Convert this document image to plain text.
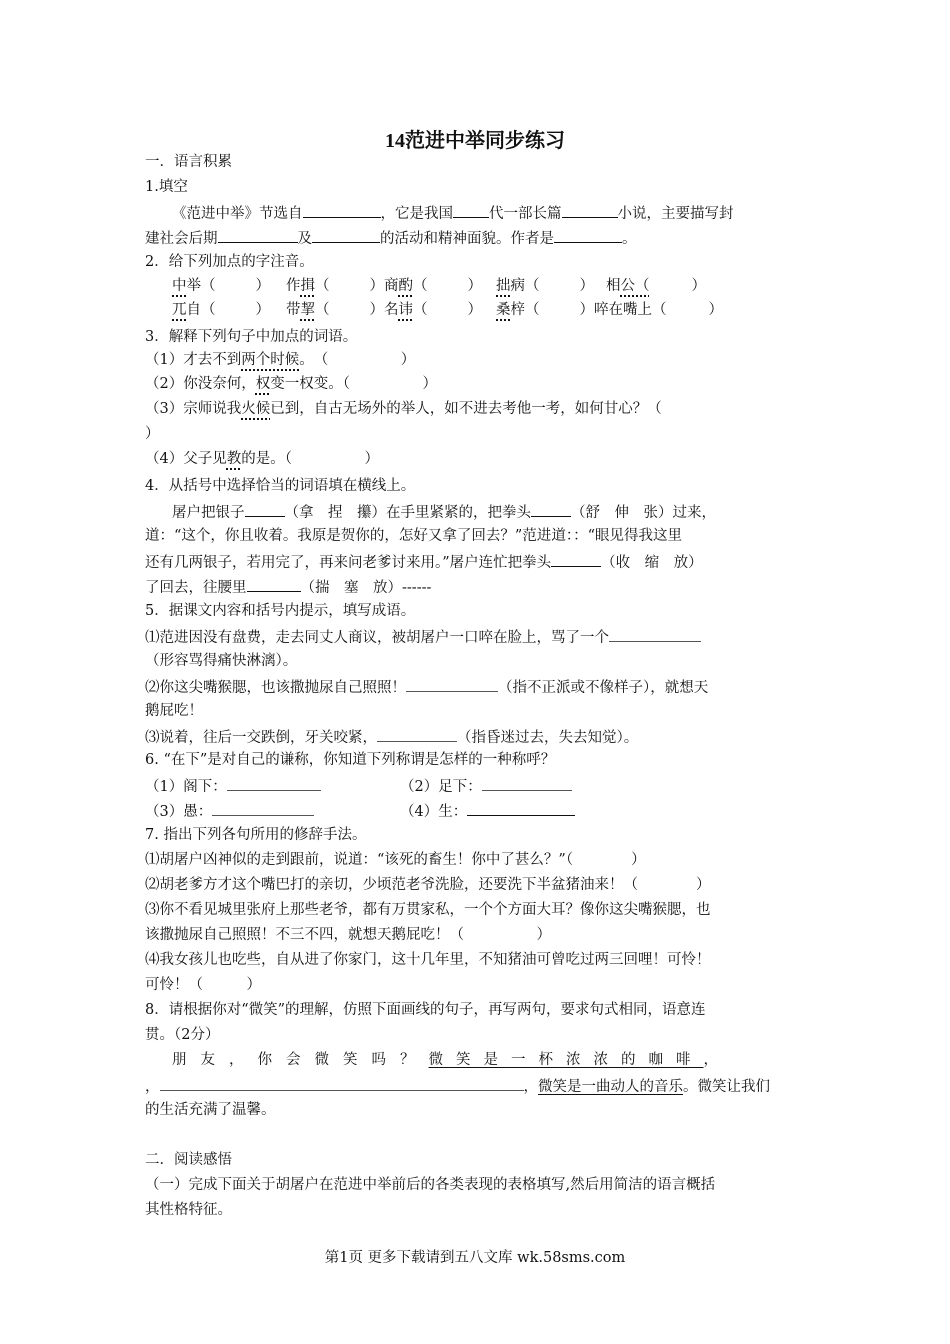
14范进中举同步练习
一．语言积累
1.填空
《范进中举》节选自	，它是我国 代一部长篇	小说，主要描写封
建社会后期	及	的活动和精神面貌。作者是	。
2．给下列加点的字注音。
中举（	） 作揖（	）商酌（	） 拙病（	） 相公（	）
兀自（	） 带挈（	）名讳（	） 桑梓（	）啐在嘴上（	）
3．解释下列句子中加点的词语。
（1）才去不到两个时候。　（　　　　　）
（2）你没奈何，权变一权变。（　　　　　）
（3）宗师说我火候已到，自古无场外的举人，如不进去考他一考，如何甘心？（
）
（4）父子见教的是。（　　　　　）
4．从括号中选择恰当的词语填在横线上。
屠户把银子	（拿　捏　攥）在手里紧紧的，把拳头	（舒　伸　张）过来，
道：“这个，你且收着。我原是贺你的，怎好又拿了回去？”范进道：：“眼见得我这里
还有几两银子，若用完了，再来问老爹讨来用。”屠户连忙把拳头	（收　缩　放）
了回去，往腰里	（揣　塞　放）------
5．据课文内容和括号内提示，填写成语。
⑴范进因没有盘费，走去同丈人商议，被胡屠户一口啐在脸上，骂了一个
（形容骂得痛快淋漓）。
⑵你这尖嘴猴腮，也该撒抛尿自己照照！	（指不正派或不像样子），就想天
鹅屁吃！
⑶说着，往后一交跌倒，牙关咬紧，	（指昏迷过去，失去知觉）。
6. “在下”是对自己的谦称，你知道下列称谓是怎样的一种称呼？
（1）阁下：	（2）足下：
（3）愚：	（4）生：
7. 指出下列各句所用的修辞手法。
⑴胡屠户凶神似的走到跟前，说道：“该死的畜生！你中了甚么？”（　　　　）
⑵胡老爹方才这个嘴巴打的亲切，少顷范老爷洗脸，还要洗下半盆猪油来！（　　　　）
⑶你不看见城里张府上那些老爷，都有万贯家私，一个个方面大耳？像你这尖嘴猴腮，也
该撒抛尿自己照照！不三不四，就想天鹅屁吃！（　　　　　）
⑷我女孩儿也吃些，自从进了你家门，这十几年里，不知猪油可曾吃过两三回哩！可怜！
可怜！（　　　）
8．请根据你对“微笑”的理解，仿照下面画线的句子，再写两句，要求句式相同，语意连
贯。（2分）
朋友，你会微笑吗？微笑是一杯浓浓的咖啡，
，	，微笑是一曲动人的音乐。微笑让我们
的生活充满了温馨。
二．阅读感悟
（一）完成下面关于胡屠户在范进中举前后的各类表现的表格填写,然后用简洁的语言概括
其性格特征。
第1页 更多下载请到五八文库 wk.58sms.com
